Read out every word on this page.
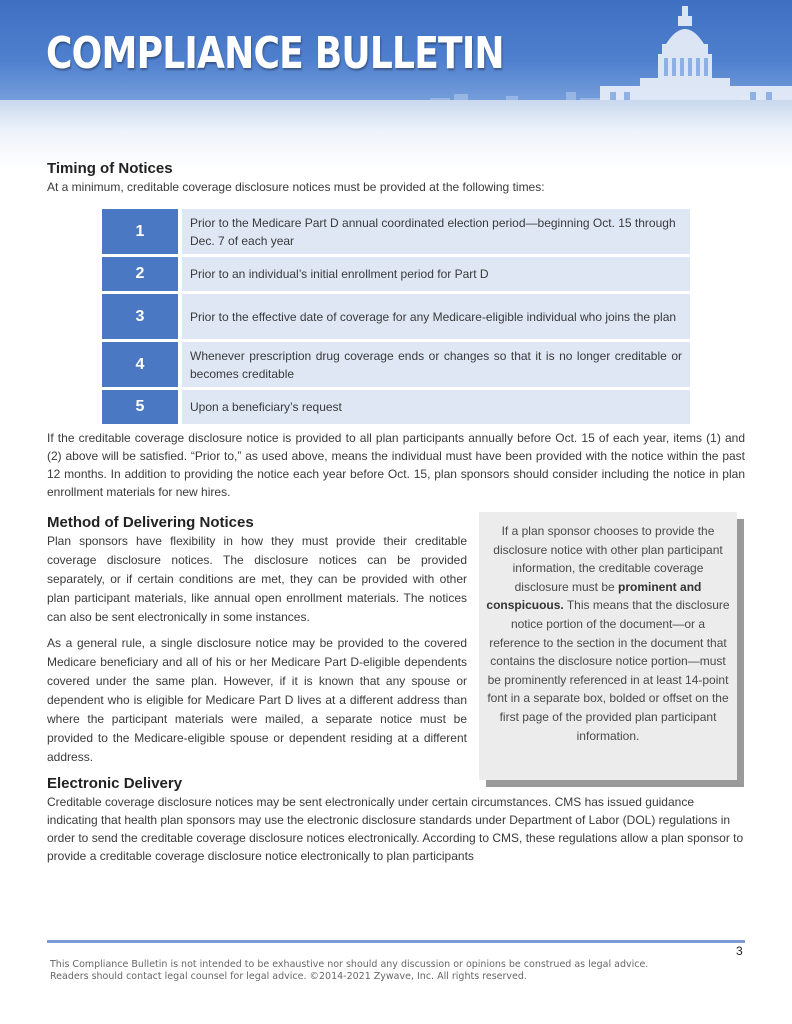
COMPLIANCE BULLETIN
Timing of Notices
At a minimum, creditable coverage disclosure notices must be provided at the following times:
1		Prior to the Medicare Part D annual coordinated election period—beginning Oct. 15 through Dec. 7 of each year
2		Prior to an individual’s initial enrollment period for Part D
3		Prior to the effective date of coverage for any Medicare-eligible individual who joins the plan
4		Whenever prescription drug coverage ends or changes so that it is no longer creditable or becomes creditable
5		Upon a beneficiary’s request
If the creditable coverage disclosure notice is provided to all plan participants annually before Oct. 15 of each year, items (1) and (2) above will be satisfied. “Prior to,” as used above, means the individual must have been provided with the notice within the past 12 months. In addition to providing the notice each year before Oct. 15, plan sponsors should consider including the notice in plan enrollment materials for new hires.
Method of Delivering Notices
Plan sponsors have flexibility in how they must provide their creditable coverage disclosure notices. The disclosure notices can be provided separately, or if certain conditions are met, they can be provided with other plan participant materials, like annual open enrollment materials. The notices can also be sent electronically in some instances.
As a general rule, a single disclosure notice may be provided to the covered Medicare beneficiary and all of his or her Medicare Part D-eligible dependents covered under the same plan. However, if it is known that any spouse or dependent who is eligible for Medicare Part D lives at a different address than where the participant materials were mailed, a separate notice must be provided to the Medicare-eligible spouse or dependent residing at a different address.
If a plan sponsor chooses to provide the disclosure notice with other plan participant information, the creditable coverage disclosure must be prominent and conspicuous. This means that the disclosure notice portion of the document—or a reference to the section in the document that contains the disclosure notice portion—must be prominently referenced in at least 14-point font in a separate box, bolded or offset on the first page of the provided plan participant information.
Electronic Delivery
Creditable coverage disclosure notices may be sent electronically under certain circumstances. CMS has issued guidance indicating that health plan sponsors may use the electronic disclosure standards under Department of Labor (DOL) regulations in order to send the creditable coverage disclosure notices electronically. According to CMS, these regulations allow a plan sponsor to provide a creditable coverage disclosure notice electronically to plan participants
3
This Compliance Bulletin is not intended to be exhaustive nor should any discussion or opinions be construed as legal advice. Readers should contact legal counsel for legal advice. ©2014-2021 Zywave, Inc. All rights reserved.
